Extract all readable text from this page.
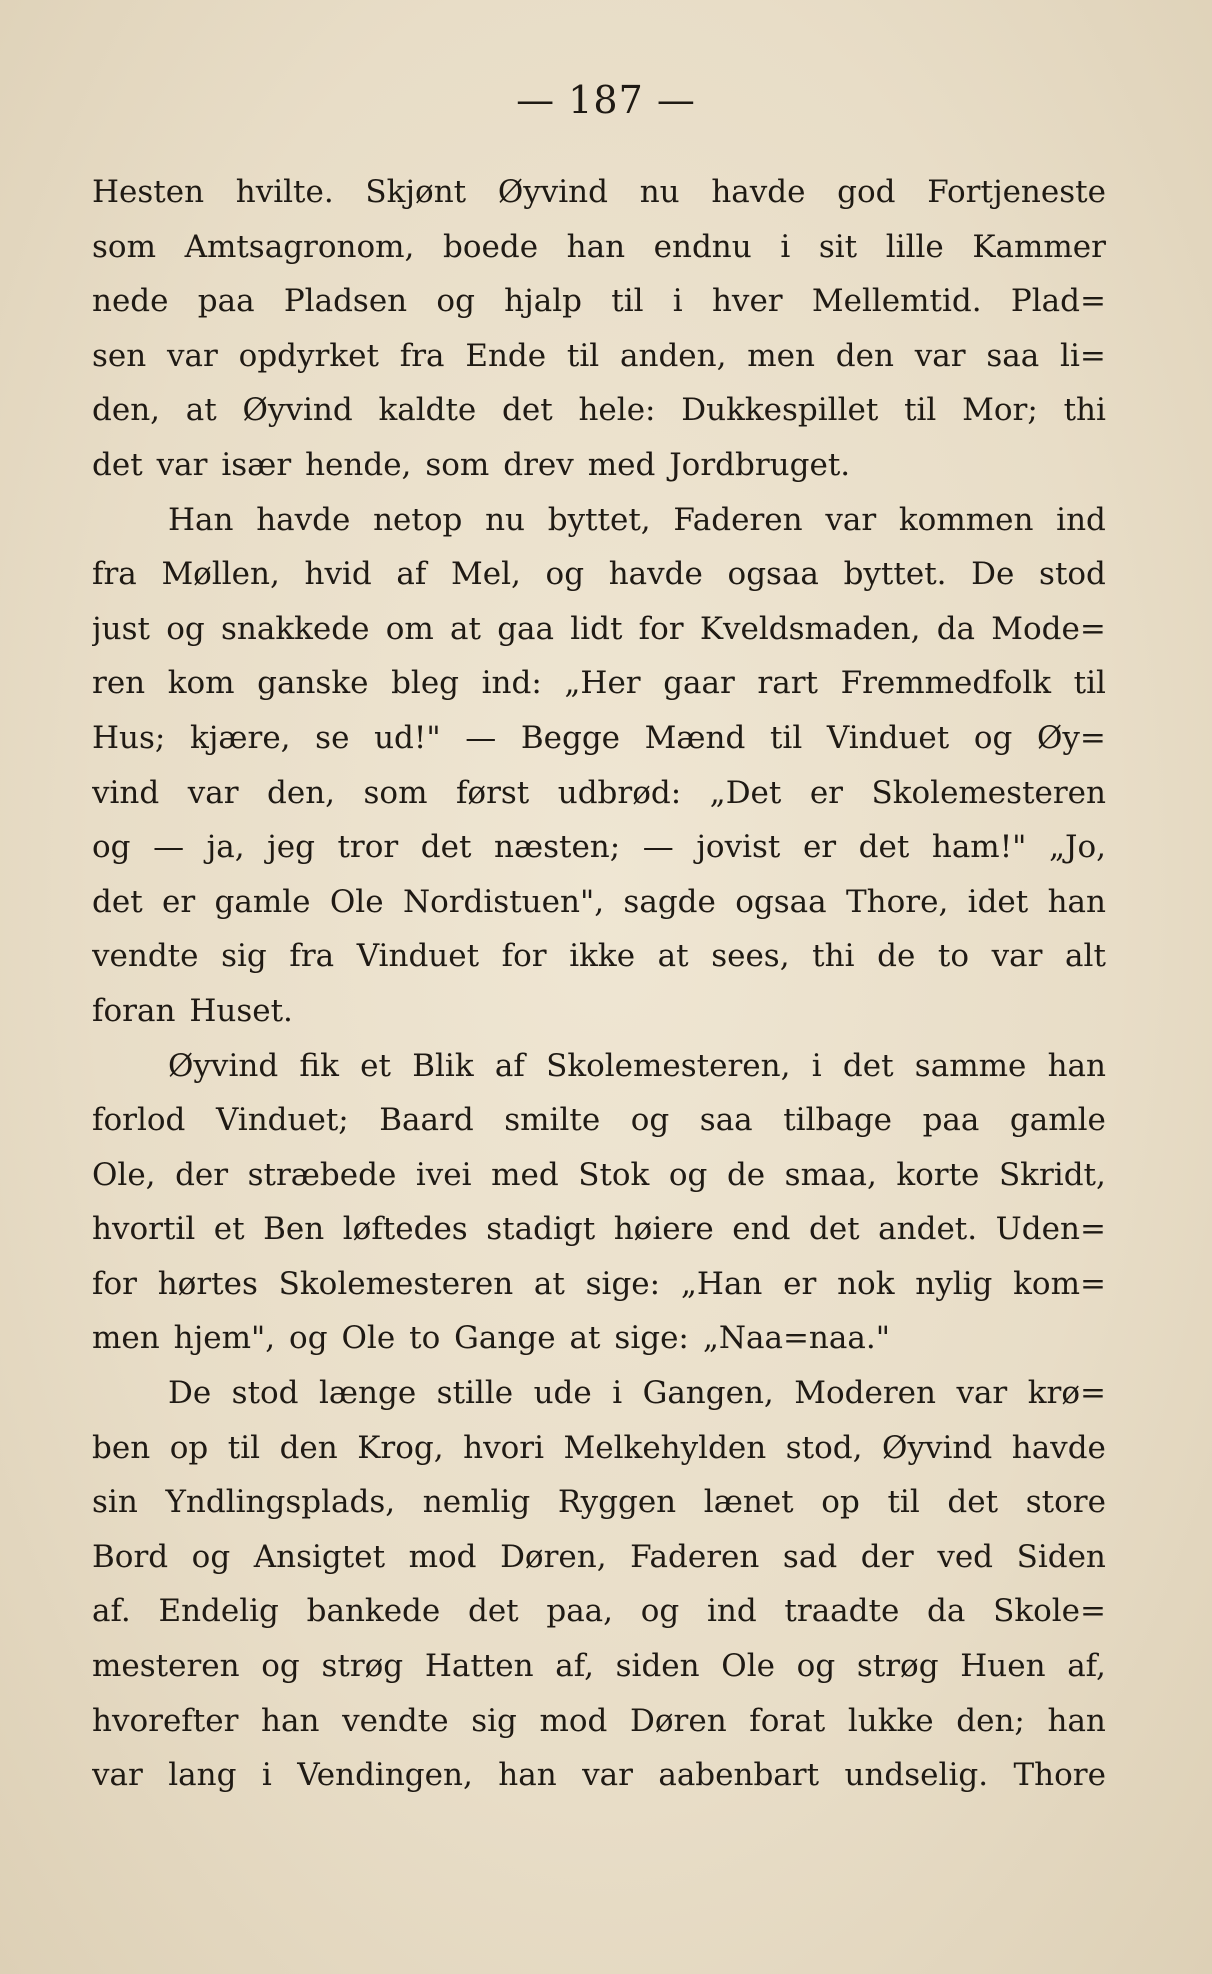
— 187 —
Hesten hvilte. Skjønt Øyvind nu havde god Fortjeneste
som Amtsagronom, boede han endnu i sit lille Kammer
nede paa Pladsen og hjalp til i hver Mellemtid. Plad=
sen var opdyrket fra Ende til anden, men den var saa li=
den, at Øyvind kaldte det hele: Dukkespillet til Mor; thi
det var især hende, som drev med Jordbruget.
Han havde netop nu byttet, Faderen var kommen ind
fra Møllen, hvid af Mel, og havde ogsaa byttet. De stod
just og snakkede om at gaa lidt for Kveldsmaden, da Mode=
ren kom ganske bleg ind: „Her gaar rart Fremmedfolk til
Hus; kjære, se ud!" — Begge Mænd til Vinduet og Øy=
vind var den, som først udbrød: „Det er Skolemesteren
og — ja, jeg tror det næsten; — jovist er det ham!" „Jo,
det er gamle Ole Nordistuen", sagde ogsaa Thore, idet han
vendte sig fra Vinduet for ikke at sees, thi de to var alt
foran Huset.
Øyvind fik et Blik af Skolemesteren, i det samme han
forlod Vinduet; Baard smilte og saa tilbage paa gamle
Ole, der stræbede ivei med Stok og de smaa, korte Skridt,
hvortil et Ben løftedes stadigt høiere end det andet. Uden=
for hørtes Skolemesteren at sige: „Han er nok nylig kom=
men hjem", og Ole to Gange at sige: „Naa=naa."
De stod længe stille ude i Gangen, Moderen var krø=
ben op til den Krog, hvori Melkehylden stod, Øyvind havde
sin Yndlingsplads, nemlig Ryggen lænet op til det store
Bord og Ansigtet mod Døren, Faderen sad der ved Siden
af. Endelig bankede det paa, og ind traadte da Skole=
mesteren og strøg Hatten af, siden Ole og strøg Huen af,
hvorefter han vendte sig mod Døren forat lukke den; han
var lang i Vendingen, han var aabenbart undselig. Thore
